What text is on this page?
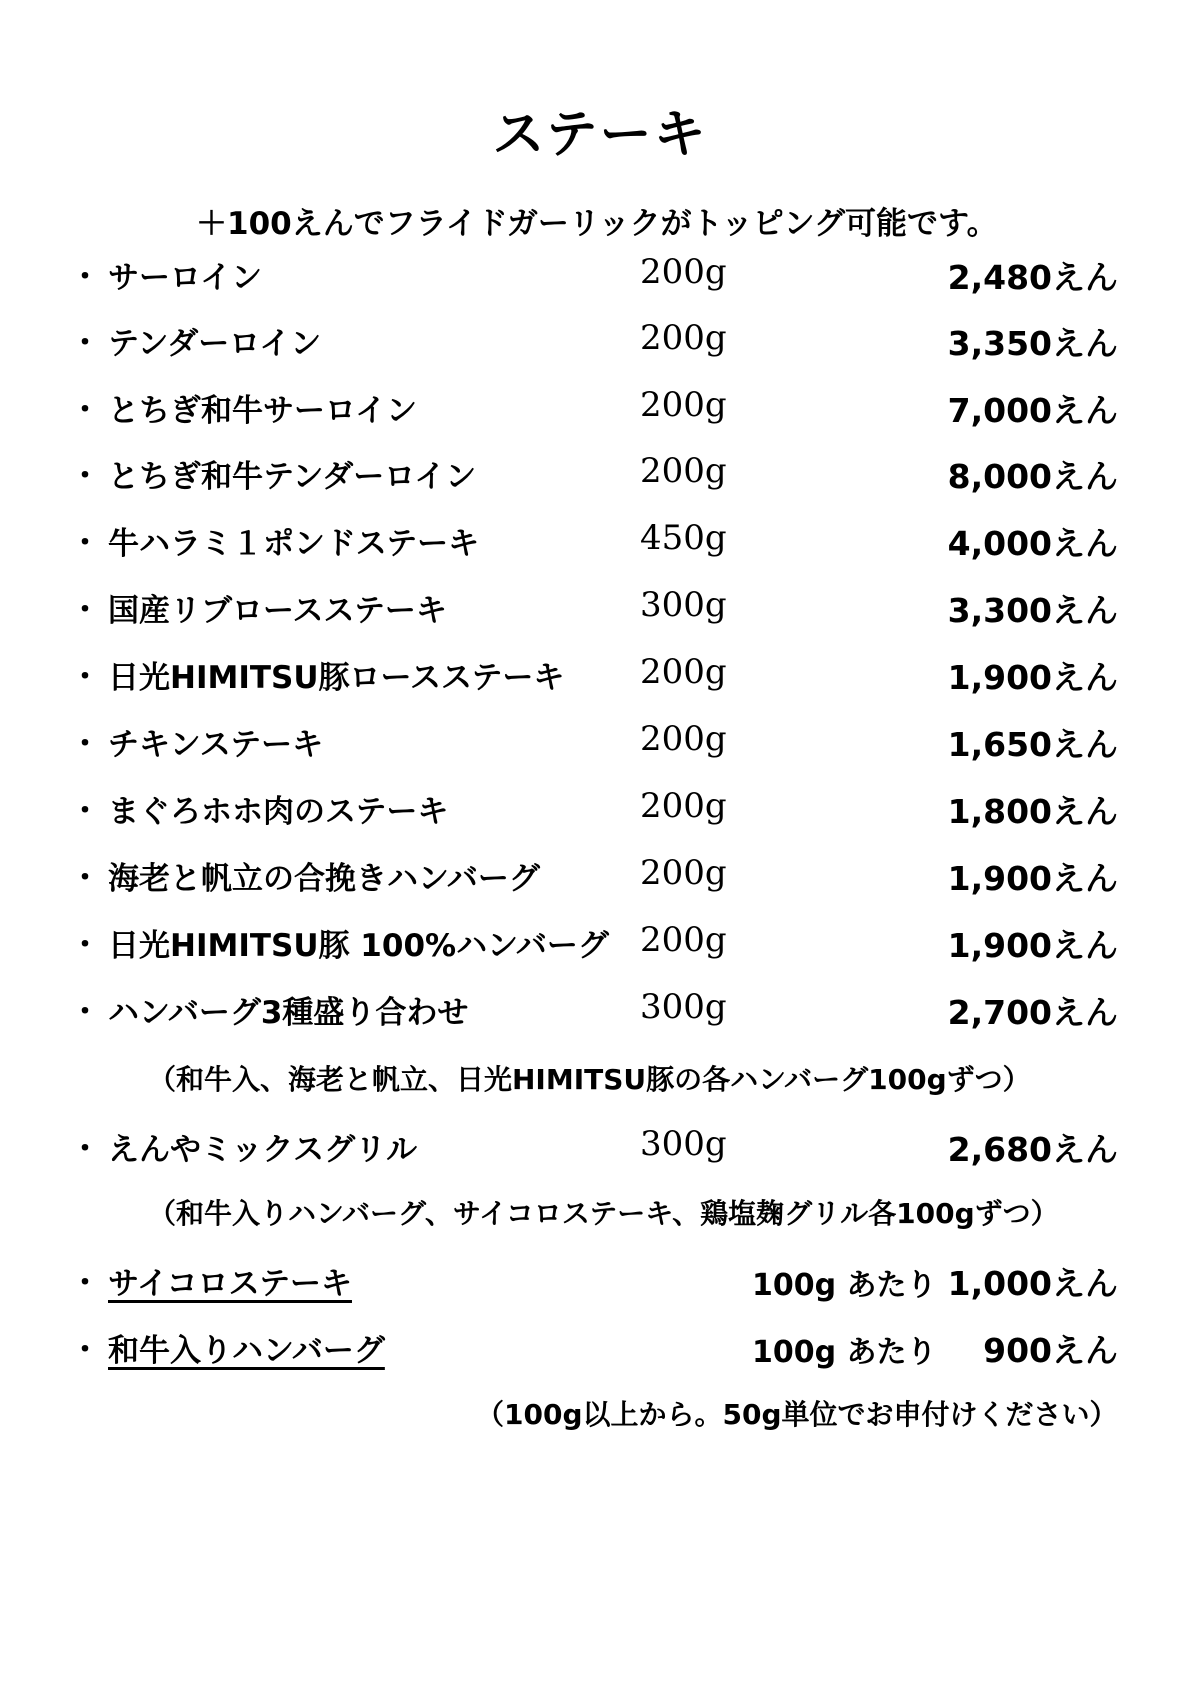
ステーキ
＋100えんでフライドガーリックがトッピング可能です。
・ サーロイン	200g	2,480えん
・ テンダーロイン	200g	3,350えん
・ とちぎ和牛サーロイン	200g	7,000えん
・ とちぎ和牛テンダーロイン	200g	8,000えん
・ 牛ハラミ１ポンドステーキ	450g	4,000えん
・ 国産リブロースステーキ	300g	3,300えん
・ 日光HIMITSU豚ロースステーキ 200g	1,900えん
・ チキンステーキ	200g	1,650えん
・ まぐろホホ肉のステーキ	200g	1,800えん
・ 海老と帆立の合挽きハンバーグ	200g	1,900えん
・ 日光HIMITSU豚 100%ハンバーグ 200g	1,900えん
・ ハンバーグ3種盛り合わせ	300g	2,700えん
（和牛入、海老と帆立、日光HIMITSU豚の各ハンバーグ100gずつ）
・ えんやミックスグリル	300g	2,680えん
（和牛入りハンバーグ、サイコロステーキ、鶏塩麹グリル各100gずつ）
・ サイコロステーキ	100g あたり 1,000えん
・ 和牛入りハンバーグ	100g あたり 900えん
（100g以上から。50g単位でお申付けください）
